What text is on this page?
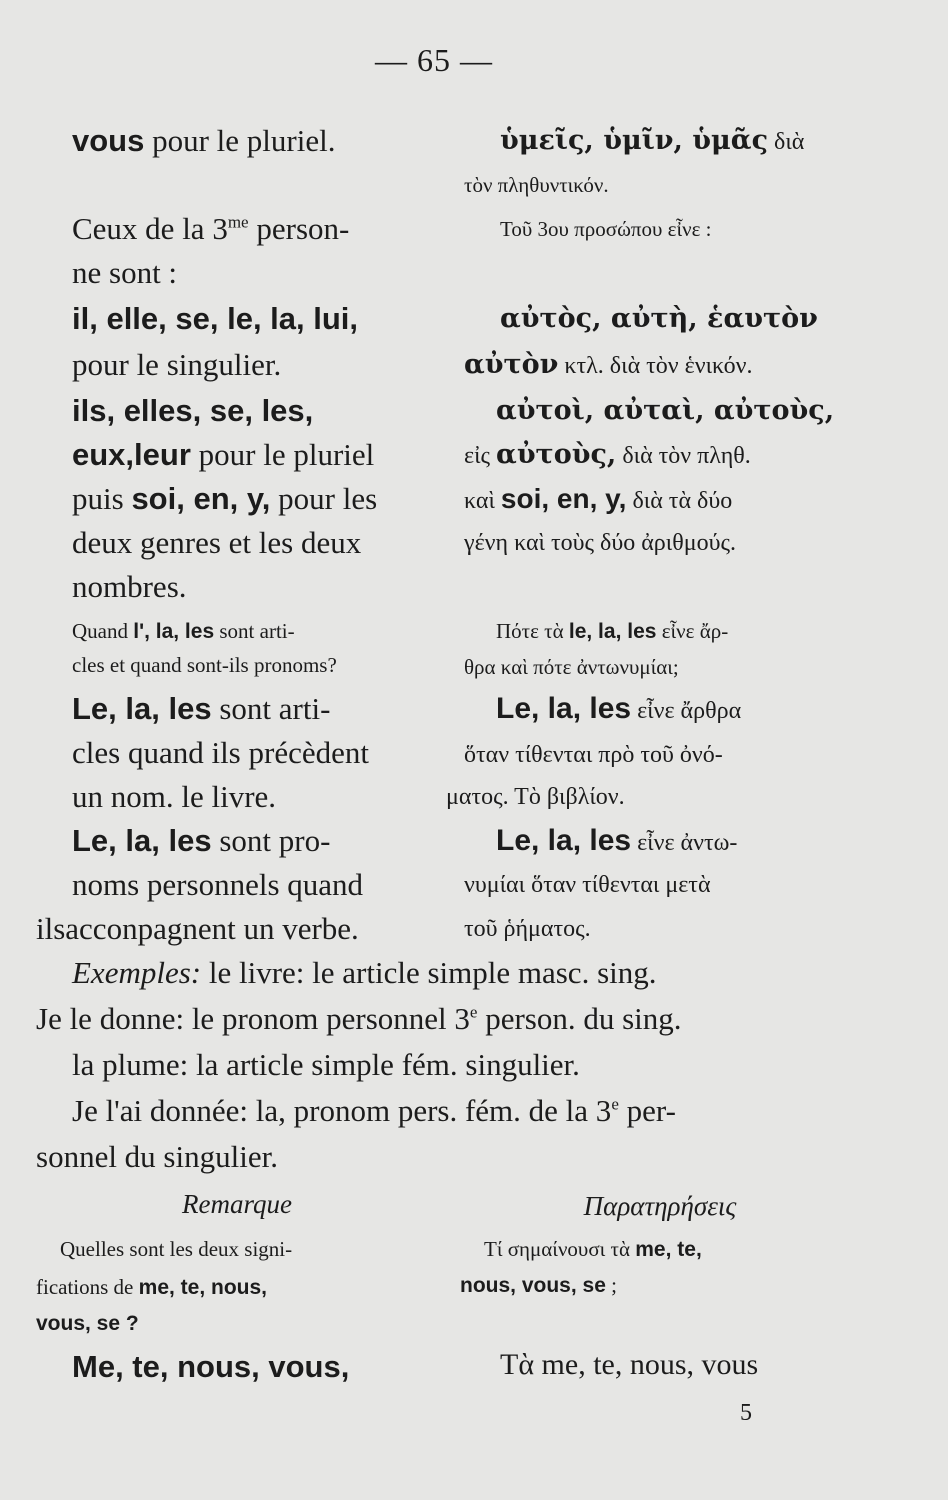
— 65 —
vous pour le pluriel.
Ceux de la $3^{me}$ person-
ne sont :
il, elle, se, le, la, lui,
pour le singulier.
ils, elles, se, les,
eux,leur pour le pluriel
puis soi, en, y, pour les
deux genres et les deux
nombres.
Quand l', la, les sont arti-
cles et quand sont-ils pronoms?
Le, la, les sont arti-
cles quand ils précèdent
un nom. le livre.
Le, la, les sont pro-
noms personnels quand
ilsacconpagnent un verbe.
ὑμεῖς, ὑμῖν, ὑμᾶς διὰ
τὸν πληθυντικόν.
Τοῦ 3ου προσώπου εἶνε :
αὐτὸς, αὐτὴ, ἑαυτὸν
αὐτὸν κτλ. διὰ τὸν ἑνικόν.
αὐτοὶ, αὐταὶ, αὐτοὺς,
εἰς αὐτοὺς, διὰ τὸν πληθ.
καὶ soi, en, y, διὰ τὰ δύο
γένη καὶ τοὺς δύο ἀριθμούς.
Πότε τὰ le, la, les εἶνε ἄρ-
θρα καὶ πότε ἀντωνυμίαι;
Le, la, les εἶνε ἄρθρα
ὅταν τίθενται πρὸ τοῦ ὀνό-
ματος. Τὸ βιβλίον.
Le, la, les εἶνε ἀντω-
νυμίαι ὅταν τίθενται μετὰ
τοῦ ῥήματος.
Exemples: le livre: le article simple masc. sing.
Je le donne: le pronom personnel 3e person. du sing.
la plume: la article simple fém. singulier.
Je l'ai donnée: la, pronom pers. fém. de la 3e per-
sonnel du singulier.
Remarque	Παρατηρήσεις
Quelles sont les deux signi-
fications de me, te, nous,
vous, se ?
Τί σημαίνουσι τὰ me, te,
nous, vous, se ;
Me, te, nous, vous,	Τὰ me, te, nous, vous
5
